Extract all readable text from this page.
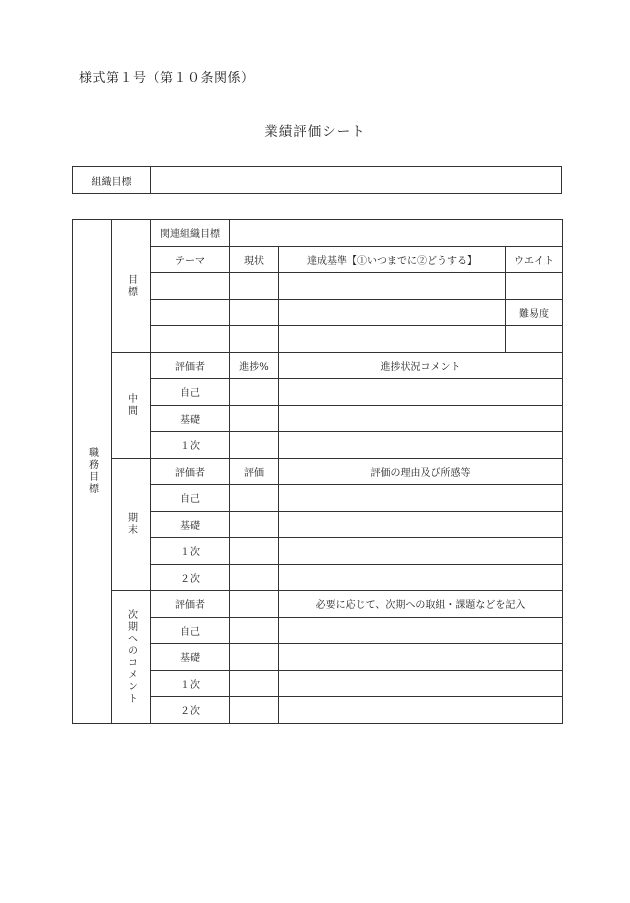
様式第１号（第１０条関係）
業績評価シート
組織目標	
職務目標	目標	関連組織目標			
		テーマ	現状	達成基準【①いつまでに②どうする】	ウエイト

					難易度

	中間	評価者	進捗%	進捗状況コメント	
		自己			
		基礎			
		１次			

	期末	評価者	評価	評価の理由及び所感等	
		自己			
		基礎			
		１次			
		２次			

	次期へのコメント	評価者		必要に応じて、次期への取組・課題などを記入	
		自己			
		基礎			
		１次			
		２次			
